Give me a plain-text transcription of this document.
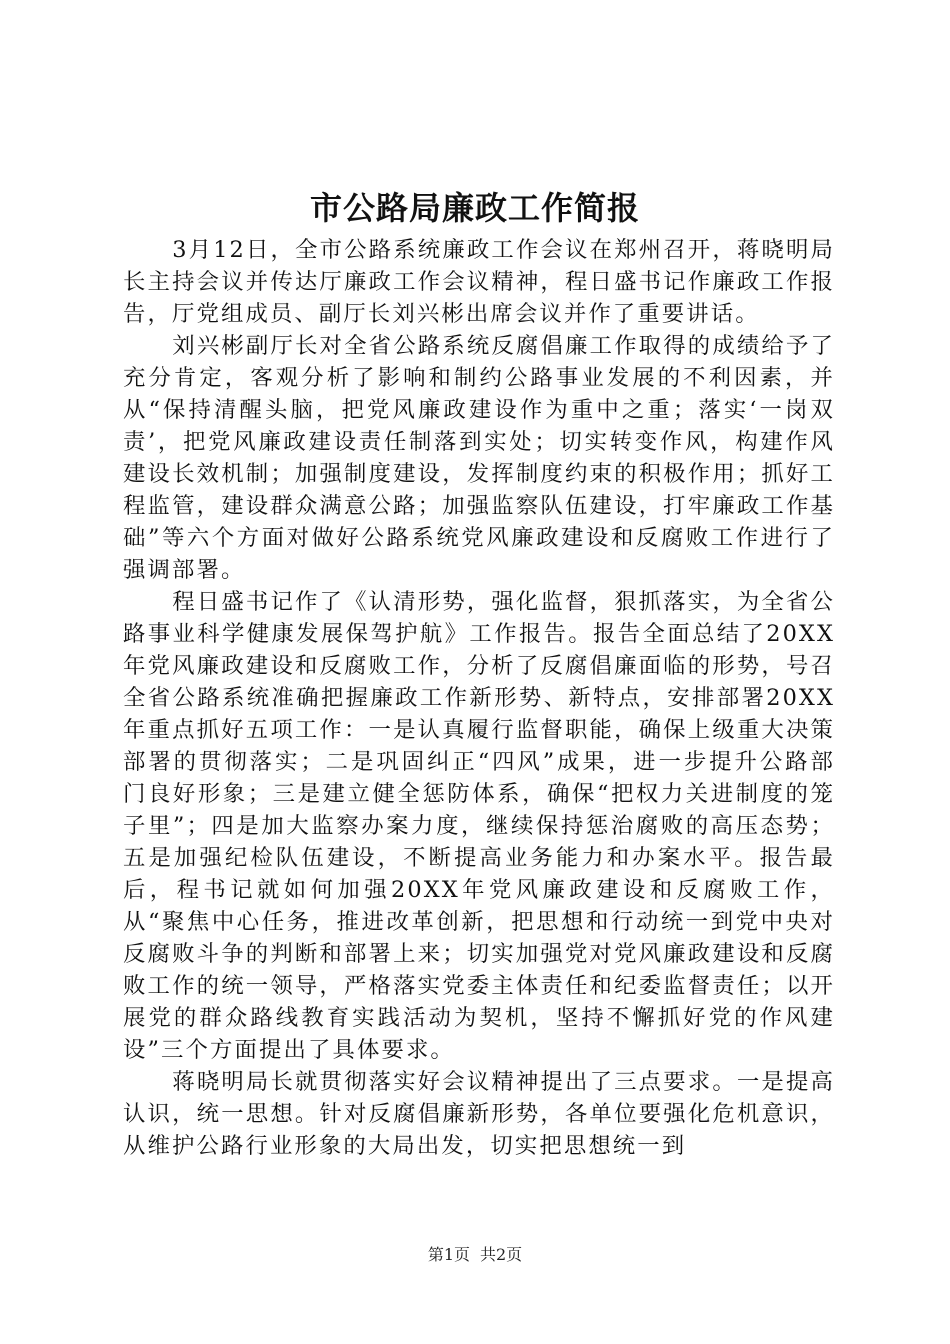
市公路局廉政工作简报

3月12日，全市公路系统廉政工作会议在郑州召开，蒋晓明局长主持会议并传达厅廉政工作会议精神，程日盛书记作廉政工作报告，厅党组成员、副厅长刘兴彬出席会议并作了重要讲话。

刘兴彬副厅长对全省公路系统反腐倡廉工作取得的成绩给予了充分肯定，客观分析了影响和制约公路事业发展的不利因素，并从“保持清醒头脑，把党风廉政建设作为重中之重；落实‘一岗双责’，把党风廉政建设责任制落到实处；切实转变作风，构建作风建设长效机制；加强制度建设，发挥制度约束的积极作用；抓好工程监管，建设群众满意公路；加强监察队伍建设，打牢廉政工作基础”等六个方面对做好公路系统党风廉政建设和反腐败工作进行了强调部署。

程日盛书记作了《认清形势，强化监督，狠抓落实，为全省公路事业科学健康发展保驾护航》工作报告。报告全面总结了20XX年党风廉政建设和反腐败工作，分析了反腐倡廉面临的形势，号召全省公路系统准确把握廉政工作新形势、新特点，安排部署20XX年重点抓好五项工作：一是认真履行监督职能，确保上级重大决策部署的贯彻落实；二是巩固纠正“四风”成果，进一步提升公路部门良好形象；三是建立健全惩防体系，确保“把权力关进制度的笼子里”；四是加大监察办案力度，继续保持惩治腐败的高压态势；五是加强纪检队伍建设，不断提高业务能力和办案水平。报告最后，程书记就如何加强20XX年党风廉政建设和反腐败工作，从“聚焦中心任务，推进改革创新，把思想和行动统一到党中央对反腐败斗争的判断和部署上来；切实加强党对党风廉政建设和反腐败工作的统一领导，严格落实党委主体责任和纪委监督责任；以开展党的群众路线教育实践活动为契机，坚持不懈抓好党的作风建设”三个方面提出了具体要求。

蒋晓明局长就贯彻落实好会议精神提出了三点要求。一是提高认识，统一思想。针对反腐倡廉新形势，各单位要强化危机意识，从维护公路行业形象的大局出发，切实把思想统一到

第1页 共2页
